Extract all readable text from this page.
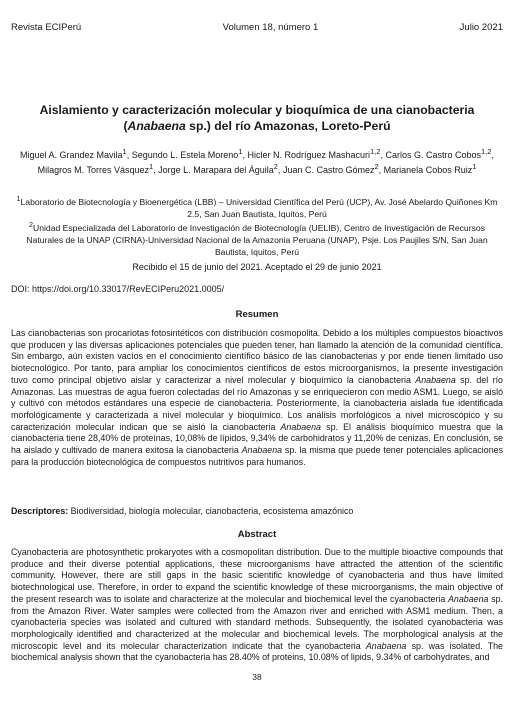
Revista ECIPerú	Volumen 18, número 1	Julio 2021
Aislamiento y caracterización molecular y bioquímica de una cianobacteria
(Anabaena sp.) del río Amazonas, Loreto-Perú
Miguel A. Grandez Mavila$^1$, Segundo L. Estela Moreno$^1$, Hicler N. Rodríguez Mashacuri$^{1,2}$, Carlos G. Castro Cobos$^{1,2}$, Milagros M. Torres Vásquez$^1$, Jorge L. Marapara del Águila$^2$, Juan C. Castro Gómez$^2$, Marianela Cobos Ruiz$^1$
$^1$Laboratorio de Biotecnología y Bioenergética (LBB) – Universidad Científica del Perú (UCP), Av. José Abelardo Quiñones Km 2.5, San Juan Bautista, Iquitos, Perú
$^2$Unidad Especializada del Laboratorio de Investigación de Biotecnología (UELIB), Centro de Investigación de Recursos Naturales de la UNAP (CIRNA)-Universidad Nacional de la Amazonia Peruana (UNAP), Psje. Los Paujiles S/N, San Juan Bautista, Iquitos, Perú
Recibido el 15 de junio del 2021. Aceptado el 29 de junio 2021
DOI: https://doi.org/10.33017/RevECIPeru2021.0005/
Resumen
Las cianobacterias son procariotas fotosintéticos con distribución cosmopolita. Debido a los múltiples compuestos bioactivos que producen y las diversas aplicaciones potenciales que pueden tener, han llamado la atención de la comunidad científica. Sin embargo, aún existen vacíos en el conocimiento científico básico de las cianobacterias y por ende tienen limitado uso biotecnológico. Por tanto, para ampliar los conocimientos científicos de estos microorganismos, la presente investigación tuvo como principal objetivo aislar y caracterizar a nivel molecular y bioquímico la cianobacteria Anabaena sp. del río Amazonas. Las muestras de agua fueron colectadas del río Amazonas y se enriquecieron con medio ASM1. Luego, se aisló y cultivó con métodos estándares una especie de cianobacteria. Posteriormente, la cianobacteria aislada fue identificada morfológicamente y caracterizada a nivel molecular y bioquímico. Los análisis morfológicos a nivel microscópico y su caracterización molecular indican que se aisló la cianobacteria Anabaena sp. El análisis bioquímico muestra que la cianobacteria tiene 28,40% de proteínas, 10,08% de lípidos, 9,34% de carbohidratos y 11,20% de cenizas. En conclusión, se ha aislado y cultivado de manera exitosa la cianobacteria Anabaena sp. la misma que puede tener potenciales aplicaciones para la producción biotecnológica de compuestos nutritivos para humanos.
Descriptores: Biodiversidad, biología molecular, cianobacteria, ecosistema amazónico
Abstract
Cyanobacteria are photosynthetic prokaryotes with a cosmopolitan distribution. Due to the multiple bioactive compounds that produce and their diverse potential applications, these microorganisms have attracted the attention of the scientific community. However, there are still gaps in the basic scientific knowledge of cyanobacteria and thus have limited biotechnological use. Therefore, in order to expand the scientific knowledge of these microorganisms, the main objective of the present research was to isolate and characterize at the molecular and biochemical level the cyanobacteria Anabaena sp. from the Amazon River. Water samples were collected from the Amazon river and enriched with ASM1 medium. Then, a cyanobacteria species was isolated and cultured with standard methods. Subsequently, the isolated cyanobacteria was morphologically identified and characterized at the molecular and biochemical levels. The morphological analysis at the microscopic level and its molecular characterization indicate that the cyanobacteria Anabaena sp. was isolated. The biochemical analysis shown that the cyanobacteria has 28.40% of proteins, 10.08% of lipids, 9.34% of carbohydrates, and
38
